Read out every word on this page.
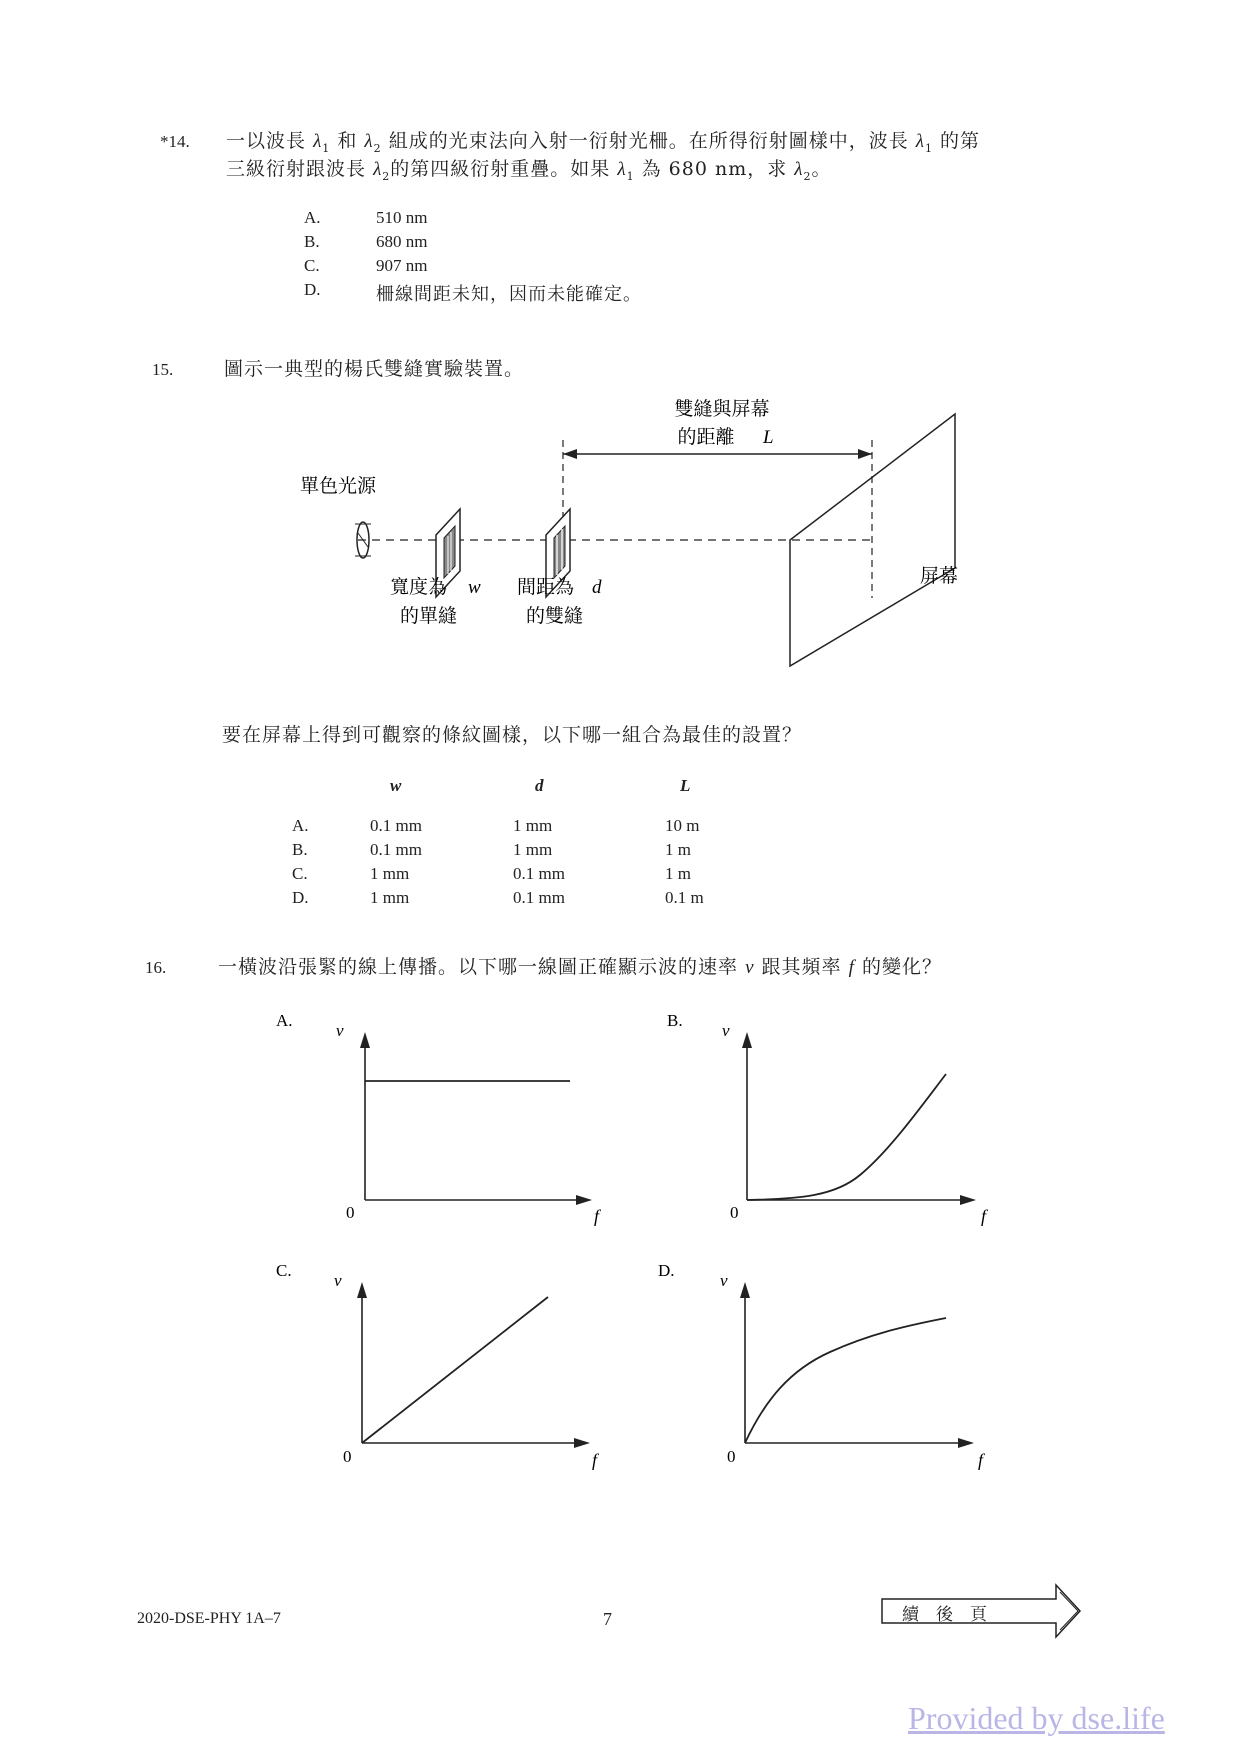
*14. 一以波長 $\lambda_1$ 和 $\lambda_2$ 組成的光束法向入射一衍射光柵。在所得衍射圖樣中，波長 $\lambda_1$ 的第
三級衍射跟波長 $\lambda_2$的第四級衍射重疊。如果 $\lambda_1$ 為 680 nm，求 $\lambda_2$。
A.	510 nm
B.	680 nm
C.	907 nm
D.	柵線間距未知，因而未能確定。
15.	圖示一典型的楊氏雙縫實驗裝置。
雙縫與屏幕
的距離 L
單色光源
寬度為 w
的單縫
間距為 d
的雙縫
屏幕
要在屏幕上得到可觀察的條紋圖樣，以下哪一組合為最佳的設置？
w	d	L
A.	0.1 mm	1 mm	10 m
B.	0.1 mm	1 mm	1 m
C.	1 mm	0.1 mm	1 m
D.	1 mm	0.1 mm	0.1 m
16.	一橫波沿張緊的線上傳播。以下哪一線圖正確顯示波的速率 v 跟其頻率 f 的變化？
A.
v
0	f
B.
v
0	f
C.
v
0	f
D.
v
0	f
2020-DSE-PHY 1A–7	7	續　後　頁
Provided by dse.life
